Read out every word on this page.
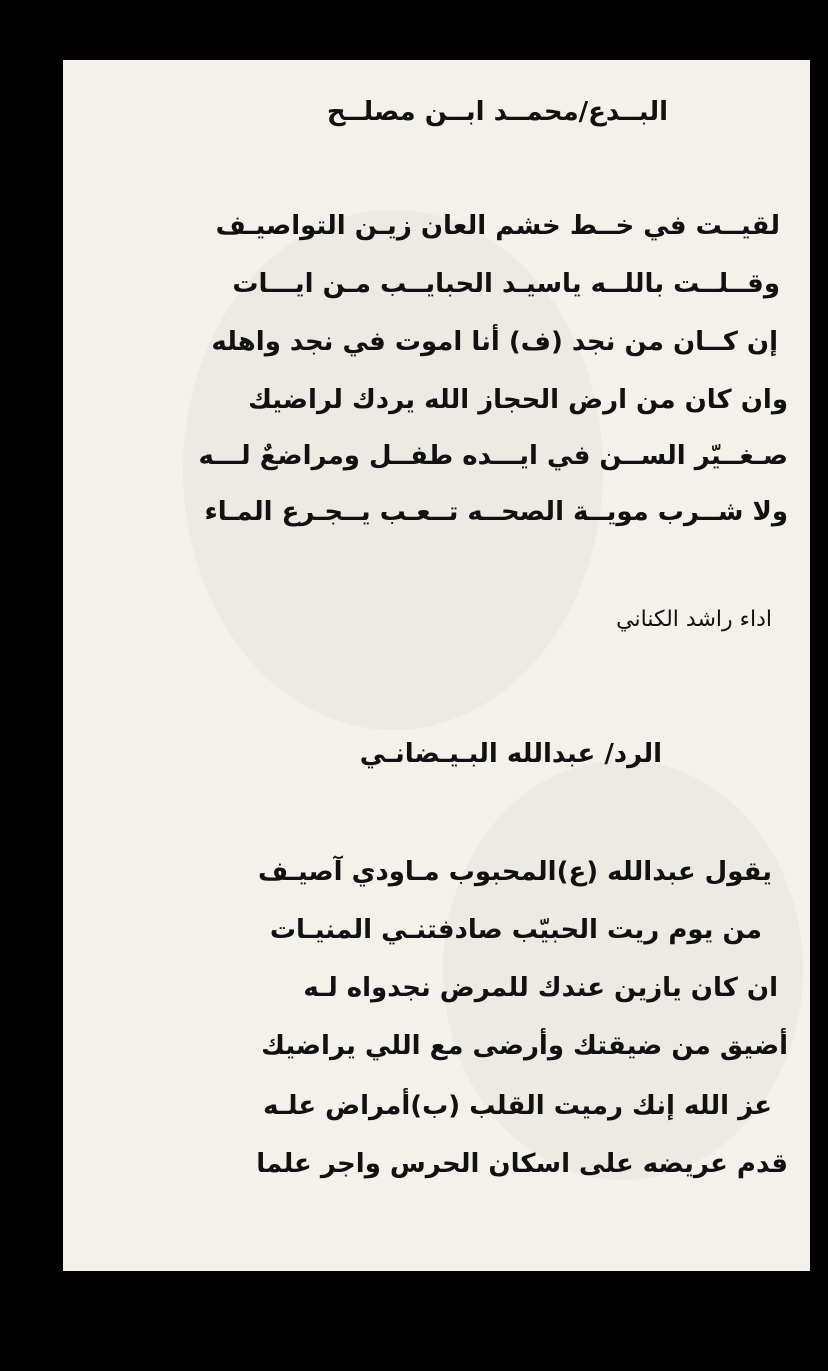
البــدع/محمــد ابــن مصلــح
لقيــت في خــط خشم العان زيـن التواصيـف
وقــلــت باللــه ياسيـد الحبايــب مـن ايـــات
إن كــان من نجد (ف) أنا اموت في نجد واهله
وان كان من ارض الحجاز الله يردك لراضيك
صـغــيّر الســن في ايـــده طفــل ومراضعٌ لـــه
ولا شــرب مويــة الصحــه تــعـب يــجـرع المـاء
اداء راشد الكناني
الرد/ عبدالله البـيـضانـي
يقول عبدالله (ع)المحبوب مـاودي آصيـف
من يوم ريت الحبيّب صادفتنـي المنيـات
ان كان يازين عندك للمرض نجدواه لـه
أضيق من ضيقتك وأرضى مع اللي يراضيك
عز الله إنك رميت القلب (ب)أمراض علـه
قدم عريضه على اسكان الحرس واجر علما
